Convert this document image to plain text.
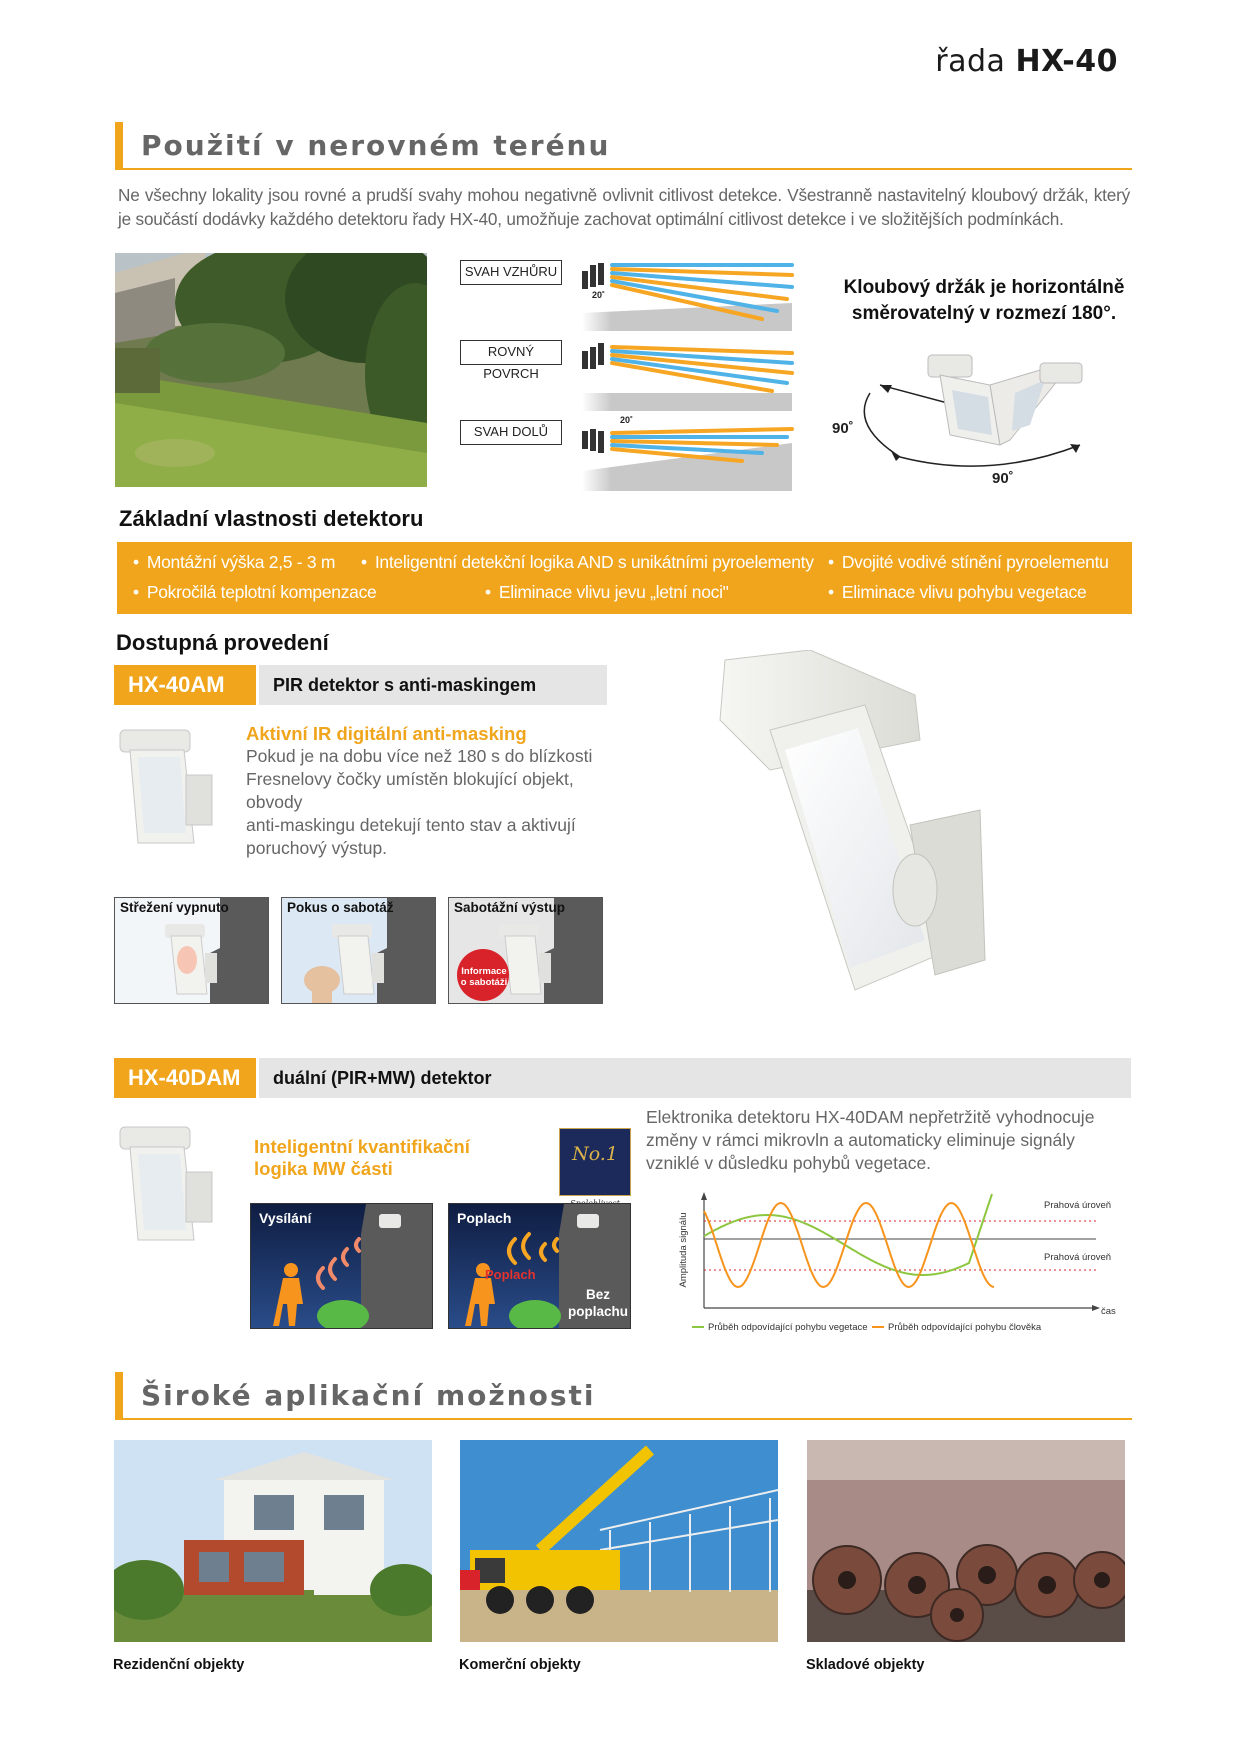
řada HX-40
Použití v nerovném terénu

Ne všechny lokality jsou rovné a prudší svahy mohou negativně ovlivnit citlivost detekce. Všestranně nastavitelný kloubový držák, který je součástí dodávky každého detektoru řady HX-40, umožňuje zachovat optimální citlivost detekce i ve složitějších podmínkách.

SVAH VZHŮRU
20˚
ROVNÝ POVRCH
SVAH DOLŮ
20˚
Kloubový držák je horizontálně
směrovatelný v rozmezí 180°.
90˚
90˚
Základní vlastnosti detektoru
• Montážní výška 2,5 - 3 m	• Inteligentní detekční logika AND s unikátními pyroelementy	• Dvojité vodivé stínění pyroelementu
• Pokročilá teplotní kompenzace	• Eliminace vlivu jevu „letní noci"	• Eliminace vlivu pohybu vegetace
Dostupná provedení
HX-40AM	PIR detektor s anti-maskingem
Aktivní IR digitální anti-masking
Pokud je na dobu více než 180 s do blízkosti
Fresnelovy čočky umístěn blokující objekt, obvody
anti-maskingu detekují tento stav a aktivují
poruchový výstup.
Střežení vypnuto	Pokus o sabotáž	Sabotážní výstup
Informace
o sabotáži
HX-40DAM	duální (PIR+MW) detektor
Inteligentní kvantifikační
logika MW části
No.1
Elektronika detektoru HX-40DAM nepřetržitě vyhodnocuje
změny v rámci mikrovln a automaticky eliminuje signály
vzniklé v důsledku pohybů vegetace.
Vysílání	Poplach
Poplach
Bez
poplachu
Amplituda signálu
čas
Prahová úroveň
Prahová úroveň
Průběh odpovídající pohybu vegetace Průběh odpovídající pohybu člověka
Široké aplikační možnosti
Rezidenční objekty	Komerční objekty	Skladové objekty
